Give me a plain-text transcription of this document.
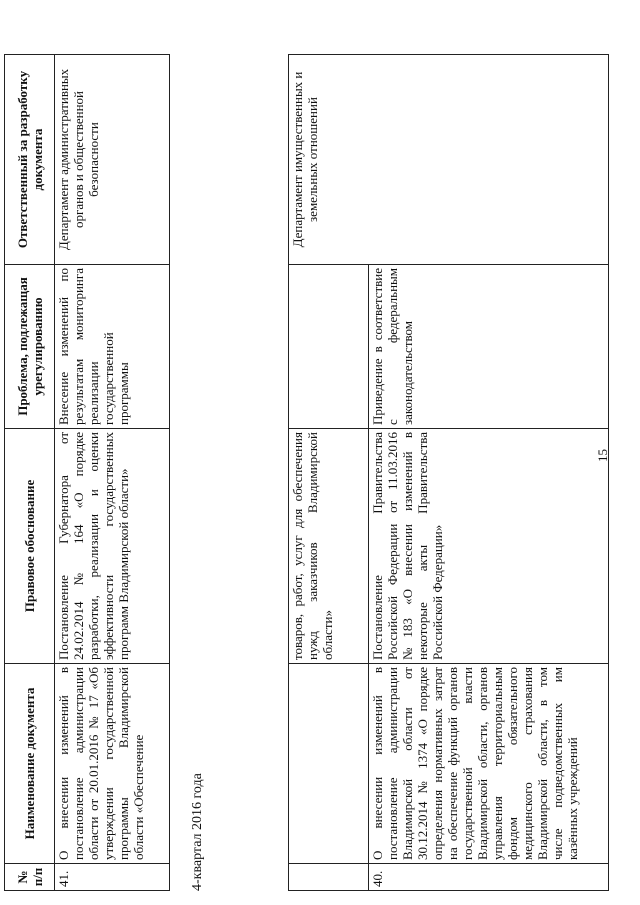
15
		товаров, работ, услуг для обеспечения нужд заказчиков Владимирской области»		Департамент имущественных и земельных отношений
40.	О внесении изменений в постановление администрации Владимирской области от 30.12.2014 № 1374 «О порядке определения нормативных затрат на обеспечение функций органов государственной власти Владимирской области, органов управления территориальным фондом обязательного медицинского страхования Владимирской области, в том числе подведомственных им казённых учреждений	Постановление Правительства Российской Федерации от 11.03.2016 №183 «О внесении изменений в некоторые акты Правительства Российской Федерации»	Приведение в соответствие с федеральным законодательством	
4-квартал 2016 года
№ п/п	Наименование документа	Правовое обоснование	Проблема, подлежащая урегулированию	Ответственный за разработку документа
41.	О внесении изменений в постановление администрации области от 20.01.2016 № 17 «Об утверждении государственной программы Владимирской области «Обеспечение	Постановление Губернатора от 24.02.2014 № 164 «О порядке разработки, реализации и оценки эффективности государственных программ Владимирской области»	Внесение изменений по результатам мониторинга реализации государственной программы	Департамент административных органов и общественной безопасности
